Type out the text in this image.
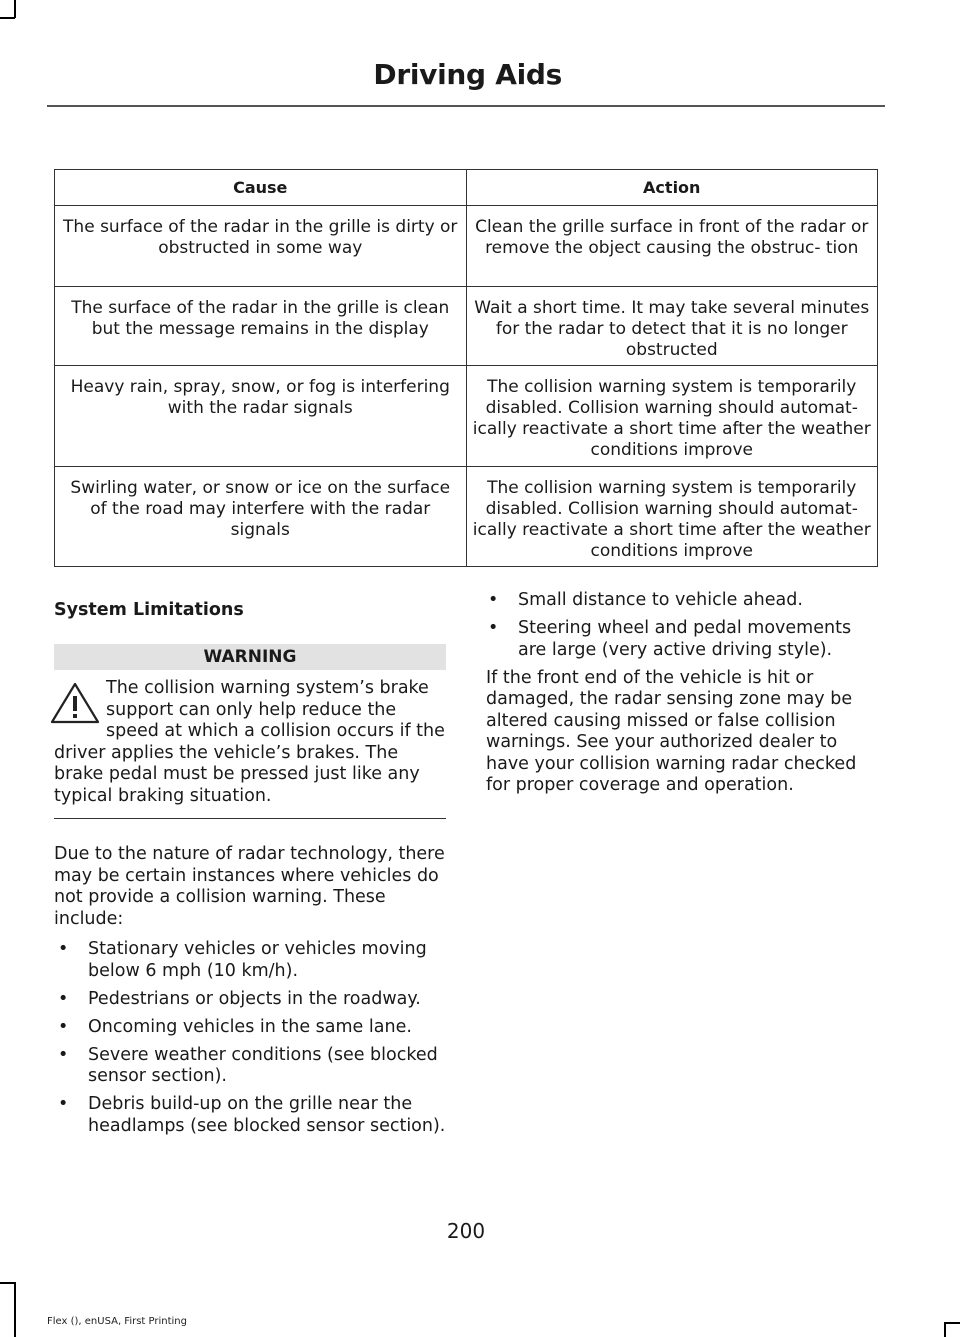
Driving Aids
Cause	Action
The surface of the radar in the grille is dirty or obstructed in some way	Clean the grille surface in front of the radar or remove the object causing the obstruc- tion
The surface of the radar in the grille is clean but the message remains in the display	Wait a short time. It may take several minutes for the radar to detect that it is no longer obstructed
Heavy rain, spray, snow, or fog is interfering with the radar signals	The collision warning system is temporarily disabled. Collision warning should automat- ically reactivate a short time after the weather conditions improve
Swirling water, or snow or ice on the surface of the road may interfere with the radar signals	The collision warning system is temporarily disabled. Collision warning should automat- ically reactivate a short time after the weather conditions improve
System Limitations
WARNING
The collision warning system’s brake support can only help reduce the speed at which a collision occurs if the driver applies the vehicle’s brakes. The brake pedal must be pressed just like any typical braking situation.

Due to the nature of radar technology, there may be certain instances where vehicles do not provide a collision warning. These include:

• Stationary vehicles or vehicles moving below 6 mph (10 km/h).
• Pedestrians or objects in the roadway.
• Oncoming vehicles in the same lane.
• Severe weather conditions (see blocked sensor section).
• Debris build-up on the grille near the headlamps (see blocked sensor section).
• Small distance to vehicle ahead.
• Steering wheel and pedal movements are large (very active driving style).

If the front end of the vehicle is hit or damaged, the radar sensing zone may be altered causing missed or false collision warnings. See your authorized dealer to have your collision warning radar checked for proper coverage and operation.

200
Flex (), enUSA, First Printing
